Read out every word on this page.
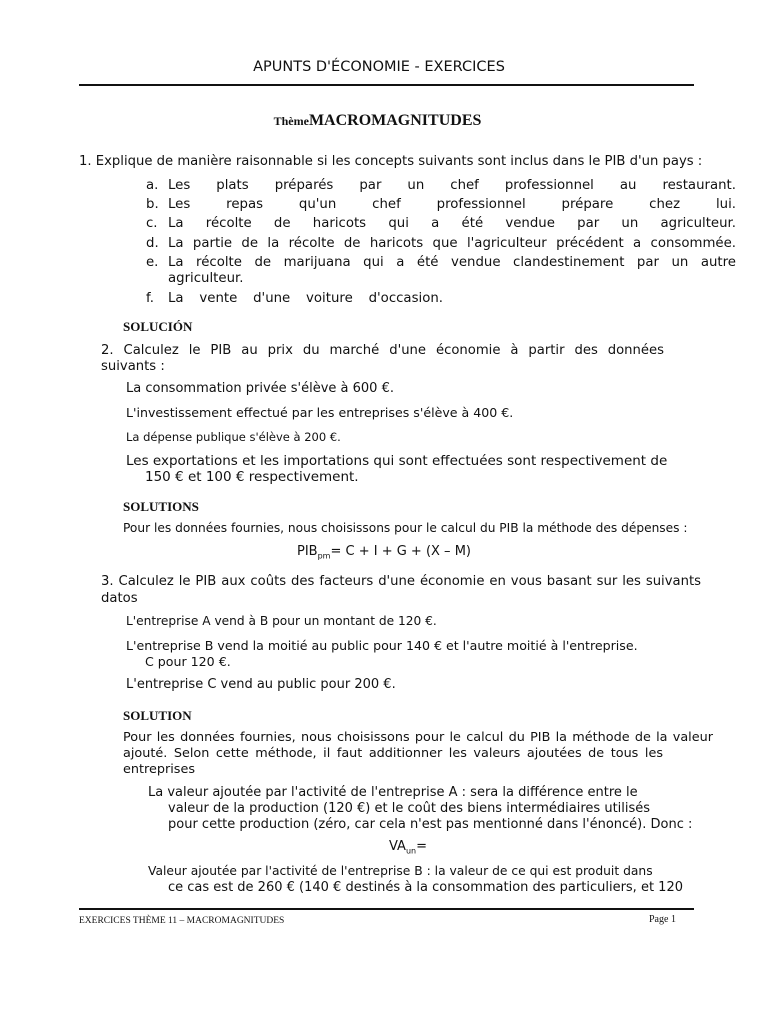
APUNTS D'ÉCONOMIE - EXERCICES
ThèmeMACROMAGNITUDES
1. Explique de manière raisonnable si les concepts suivants sont inclus dans le PIB d'un pays :
a. Les plats préparés par un chef professionnel au restaurant.
b. Les repas qu'un chef professionnel prépare chez lui.
c. La récolte de haricots qui a été vendue par un agriculteur.
d. La partie de la récolte de haricots que l'agriculteur précédent a consommée.
e. La récolte de marijuana qui a été vendue clandestinement par un autre
agriculteur.
f.	La vente d'une voiture d'occasion.
SOLUCIÓN
2. Calculez le PIB au prix du marché d'une économie à partir des données
suivants :
La consommation privée s'élève à 600 €.
L'investissement effectué par les entreprises s'élève à 400 €.
La dépense publique s'élève à 200 €.
Les exportations et les importations qui sont effectuées sont respectivement de
150 € et 100 € respectivement.
SOLUTIONS
Pour les données fournies, nous choisissons pour le calcul du PIB la méthode des dépenses :
$PIB_{pm}= C + I + G + (X - M)$
3. Calculez le PIB aux coûts des facteurs d'une économie en vous basant sur les suivants
datos
L'entreprise A vend à B pour un montant de 120 €.
L'entreprise B vend la moitié au public pour 140 € et l'autre moitié à l'entreprise.
C pour 120 €.
L'entreprise C vend au public pour 200 €.
SOLUTION
Pour les données fournies, nous choisissons pour le calcul du PIB la méthode de la valeur
ajouté. Selon cette méthode, il faut additionner les valeurs ajoutées de tous les
entreprises
La valeur ajoutée par l'activité de l'entreprise A : sera la différence entre le
valeur de la production (120 €) et le coût des biens intermédiaires utilisés
pour cette production (zéro, car cela n'est pas mentionné dans l'énoncé). Donc :
$VA_{un}=$
Valeur ajoutée par l'activité de l'entreprise B : la valeur de ce qui est produit dans
ce cas est de 260 € (140 € destinés à la consommation des particuliers, et 120
EXERCICES THÈME 11 – MACROMAGNITUDES	Page 1
